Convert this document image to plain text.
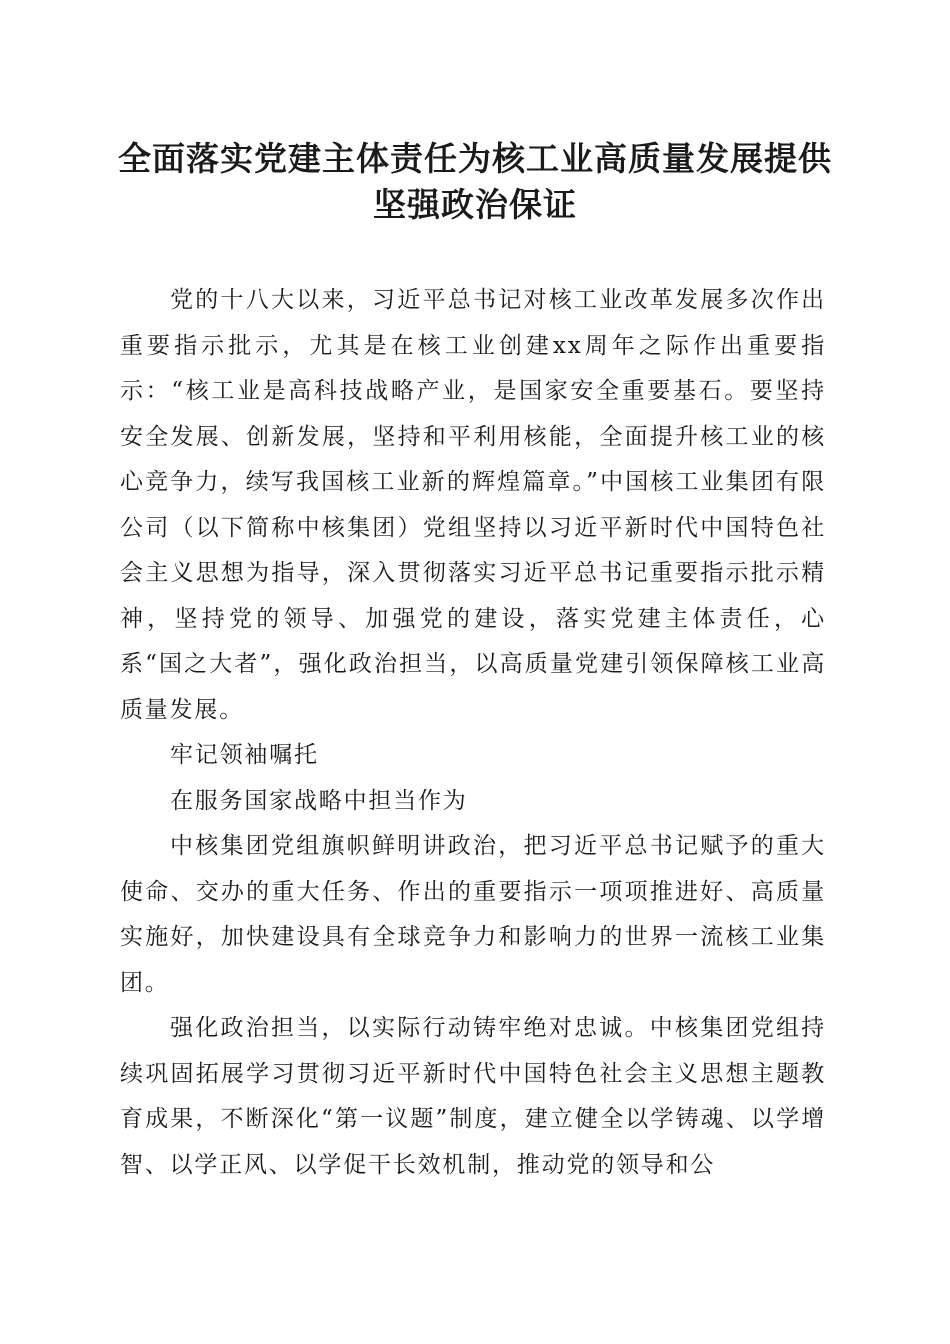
全面落实党建主体责任为核工业高质量发展提供坚强政治保证

党的十八大以来，习近平总书记对核工业改革发展多次作出重要指示批示，尤其是在核工业创建xx周年之际作出重要指示：“核工业是高科技战略产业，是国家安全重要基石。要坚持安全发展、创新发展，坚持和平利用核能，全面提升核工业的核心竞争力，续写我国核工业新的辉煌篇章。”中国核工业集团有限公司（以下简称中核集团）党组坚持以习近平新时代中国特色社会主义思想为指导，深入贯彻落实习近平总书记重要指示批示精神，坚持党的领导、加强党的建设，落实党建主体责任，心系“国之大者”，强化政治担当，以高质量党建引领保障核工业高质量发展。

牢记领袖嘱托

在服务国家战略中担当作为

中核集团党组旗帜鲜明讲政治，把习近平总书记赋予的重大使命、交办的重大任务、作出的重要指示一项项推进好、高质量实施好，加快建设具有全球竞争力和影响力的世界一流核工业集团。

强化政治担当，以实际行动铸牢绝对忠诚。中核集团党组持续巩固拓展学习贯彻习近平新时代中国特色社会主义思想主题教育成果，不断深化“第一议题”制度，建立健全以学铸魂、以学增智、以学正风、以学促干长效机制，推动党的领导和公
